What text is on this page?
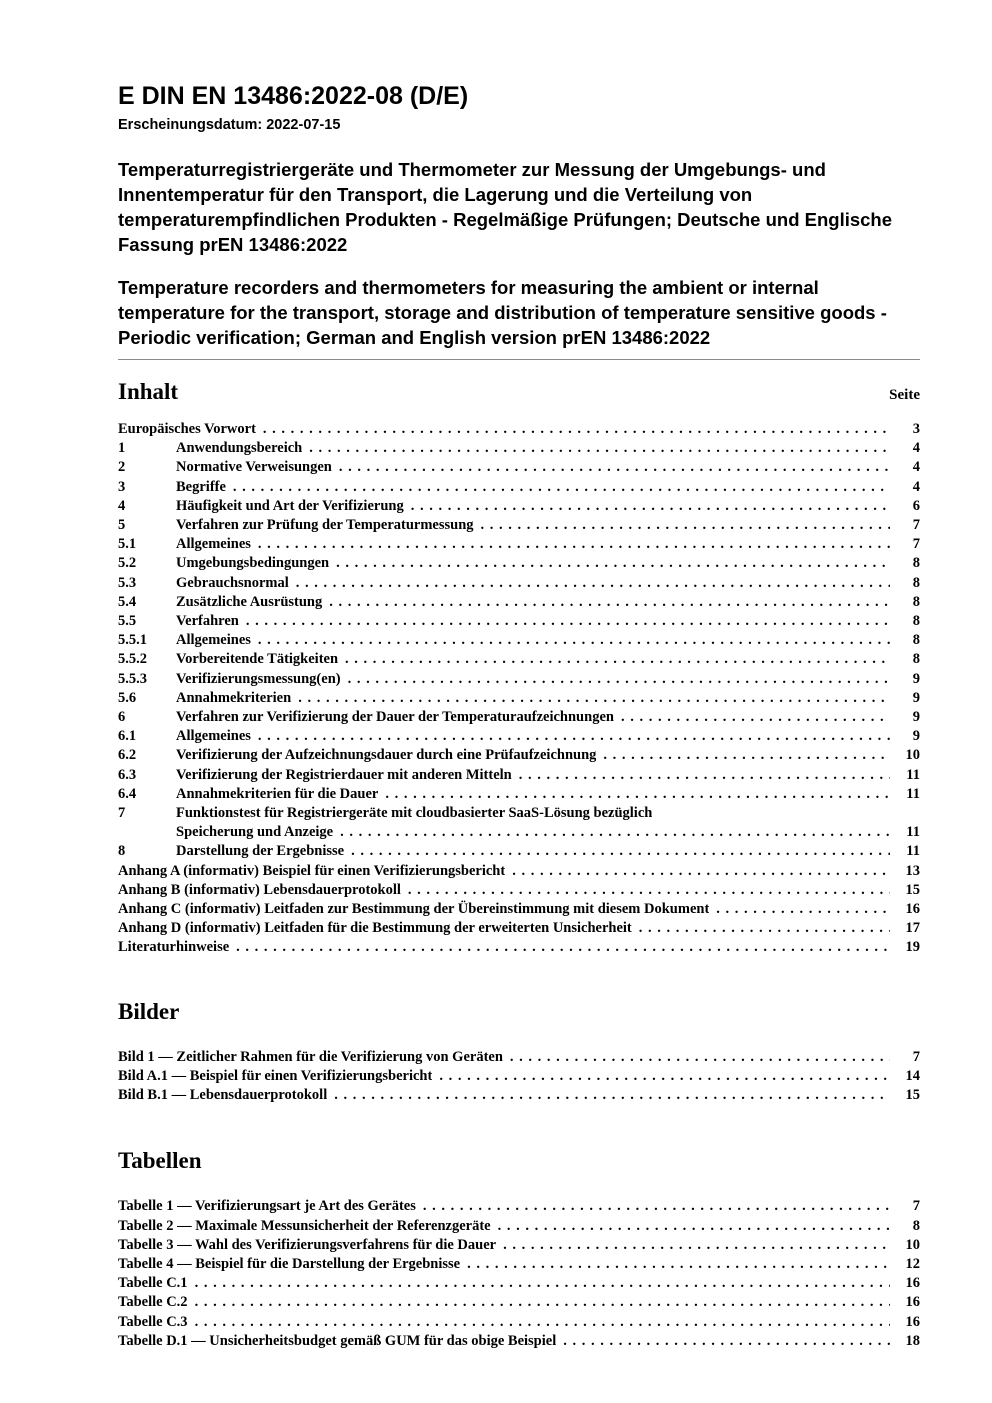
E DIN EN 13486:2022-08 (D/E)
Erscheinungsdatum: 2022-07-15
Temperaturregistriergeräte und Thermometer zur Messung der Umgebungs- und Innentemperatur für den Transport, die Lagerung und die Verteilung von temperaturempfindlichen Produkten - Regelmäßige Prüfungen; Deutsche und Englische Fassung prEN 13486:2022
Temperature recorders and thermometers for measuring the ambient or internal temperature for the transport, storage and distribution of temperature sensitive goods - Periodic verification; German and English version prEN 13486:2022
Inhalt	Seite
Europäisches Vorwort . . .	3
1	Anwendungsbereich . . .	4
2	Normative Verweisungen . . .	4
3	Begriffe . . .	4
4	Häufigkeit und Art der Verifizierung . . .	6
5	Verfahren zur Prüfung der Temperaturmessung . . .	7
5.1	Allgemeines . . .	7
5.2	Umgebungsbedingungen . . .	8
5.3	Gebrauchsnormal . . .	8
5.4	Zusätzliche Ausrüstung . . .	8
5.5	Verfahren . . .	8
5.5.1	Allgemeines . . .	8
5.5.2	Vorbereitende Tätigkeiten . . .	8
5.5.3	Verifizierungsmessung(en) . . .	9
5.6	Annahmekriterien . . .	9
6	Verfahren zur Verifizierung der Dauer der Temperaturaufzeichnungen . . .	9
6.1	Allgemeines . . .	9
6.2	Verifizierung der Aufzeichnungsdauer durch eine Prüfaufzeichnung . . .	10
6.3	Verifizierung der Registrierdauer mit anderen Mitteln . . .	11
6.4	Annahmekriterien für die Dauer . . .	11
7	Funktionstest für Registriergeräte mit cloudbasierter SaaS-Lösung bezüglich
Speicherung und Anzeige . . .	11
8	Darstellung der Ergebnisse . . .	11
Anhang A (informativ) Beispiel für einen Verifizierungsbericht . . .	13
Anhang B (informativ) Lebensdauerprotokoll . . .	15
Anhang C (informativ) Leitfaden zur Bestimmung der Übereinstimmung mit diesem Dokument . . .	16
Anhang D (informativ) Leitfaden für die Bestimmung der erweiterten Unsicherheit . . .	17
Literaturhinweise . . .	19
Bilder
Bild 1 — Zeitlicher Rahmen für die Verifizierung von Geräten . . .	7
Bild A.1 — Beispiel für einen Verifizierungsbericht . . .	14
Bild B.1 — Lebensdauerprotokoll . . .	15
Tabellen
Tabelle 1 — Verifizierungsart je Art des Gerätes . . .	7
Tabelle 2 — Maximale Messunsicherheit der Referenzgeräte . . .	8
Tabelle 3 — Wahl des Verifizierungsverfahrens für die Dauer . . .	10
Tabelle 4 — Beispiel für die Darstellung der Ergebnisse . . .	12
Tabelle C.1 . . .	16
Tabelle C.2 . . .	16
Tabelle C.3 . . .	16
Tabelle D.1 — Unsicherheitsbudget gemäß GUM für das obige Beispiel . . .	18
